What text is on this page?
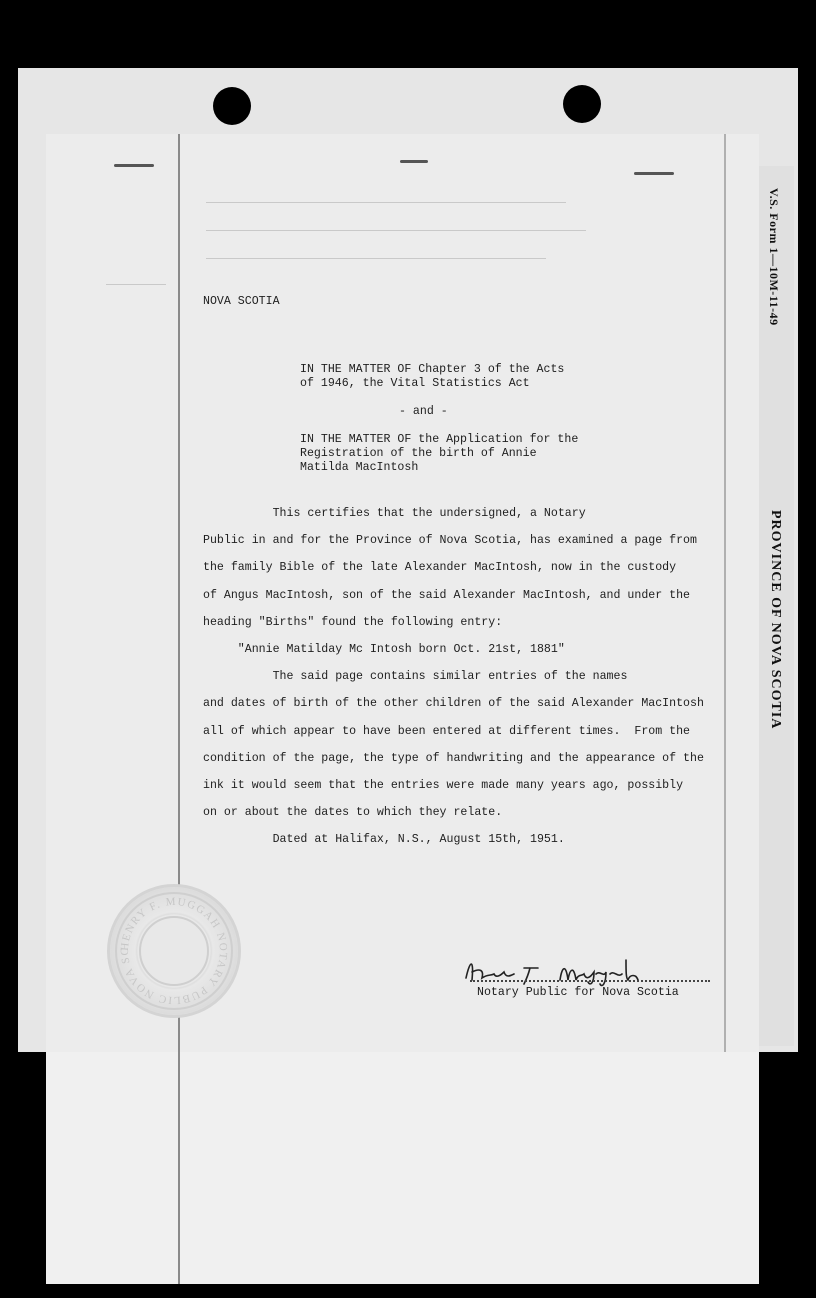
V.S. Form 1—10M-11-49
PROVINCE OF NOVA SCOTIA
NOVA SCOTIA
IN THE MATTER OF Chapter 3 of the Acts
of 1946, the Vital Statistics Act
- and -
IN THE MATTER OF the Application for the
Registration of the birth of Annie
Matilda MacIntosh
This certifies that the undersigned, a Notary
Public in and for the Province of Nova Scotia, has examined a page from
the family Bible of the late Alexander MacIntosh, now in the custody
of Angus MacIntosh, son of the said Alexander MacIntosh, and under the
heading "Births" found the following entry:
"Annie Matilday Mc Intosh born Oct. 21st, 1881"
The said page contains similar entries of the names
and dates of birth of the other children of the said Alexander MacIntosh
all of which appear to have been entered at different times.  From the
condition of the page, the type of handwriting and the appearance of the
ink it would seem that the entries were made many years ago, possibly
on or about the dates to which they relate.
Dated at Halifax, N.S., August 15th, 1951.
HENRY F. MUGGAH NOTARY PUBLIC NOVA SC	Henry F. Muggah
Notary Public for Nova Scotia
